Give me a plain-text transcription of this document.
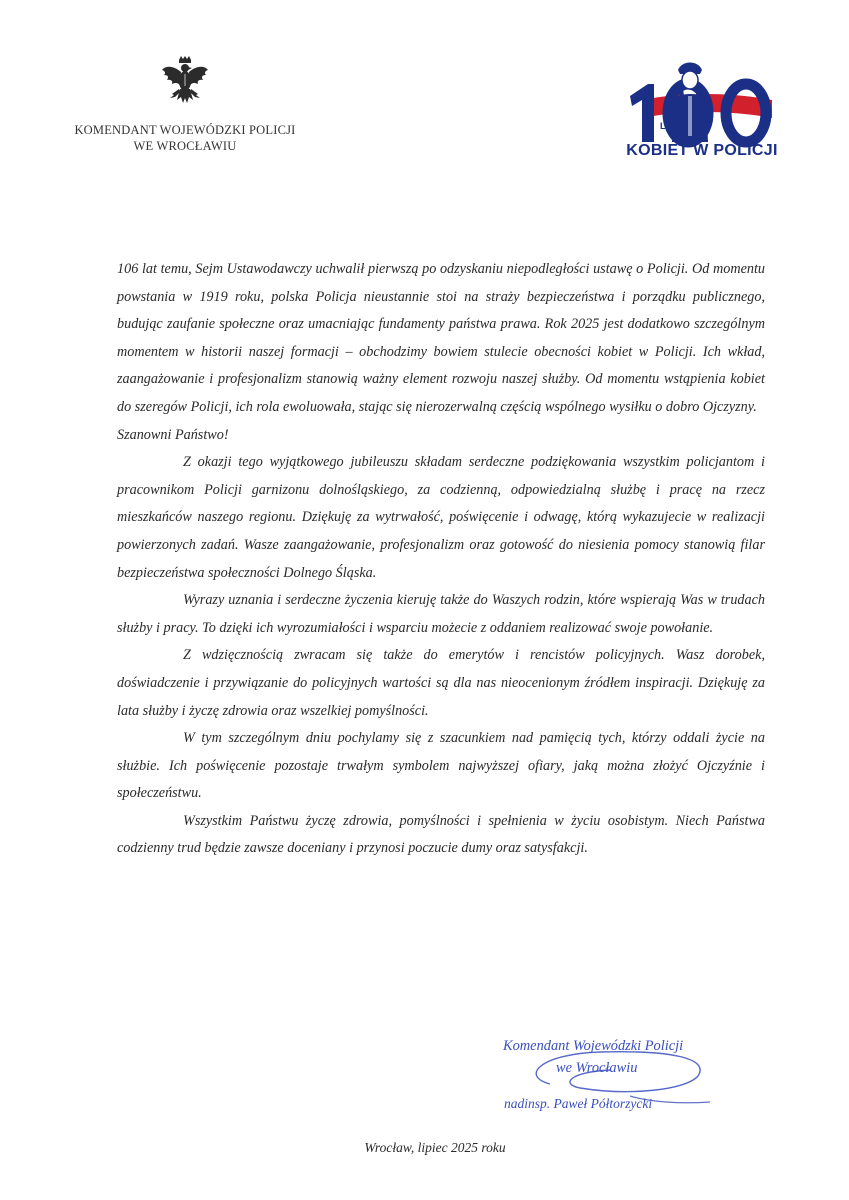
KOMENDANT WOJEWÓDZKI POLICJI
WE WROCŁAWIU
LAT
KOBIET W POLICJI

106 lat temu, Sejm Ustawodawczy uchwalił pierwszą po odzyskaniu niepodległości ustawę o Policji. Od momentu powstania w 1919 roku, polska Policja nieustannie stoi na straży bezpieczeństwa i porządku publicznego, budując zaufanie społeczne oraz umacniając fundamenty państwa prawa. Rok 2025 jest dodatkowo szczególnym momentem w historii naszej formacji – obchodzimy bowiem stulecie obecności kobiet w Policji. Ich wkład, zaangażowanie i profesjonalizm stanowią ważny element rozwoju naszej służby. Od momentu wstąpienia kobiet do szeregów Policji, ich rola ewoluowała, stając się nierozerwalną częścią wspólnego wysiłku o dobro Ojczyzny.

Szanowni Państwo!

Z okazji tego wyjątkowego jubileuszu składam serdeczne podziękowania wszystkim policjantom i pracownikom Policji garnizonu dolnośląskiego, za codzienną, odpowiedzialną służbę i pracę na rzecz mieszkańców naszego regionu. Dziękuję za wytrwałość, poświęcenie i odwagę, którą wykazujecie w realizacji powierzonych zadań. Wasze zaangażowanie, profesjonalizm oraz gotowość do niesienia pomocy stanowią filar bezpieczeństwa społeczności Dolnego Śląska.

Wyrazy uznania i serdeczne życzenia kieruję także do Waszych rodzin, które wspierają Was w trudach służby i pracy. To dzięki ich wyrozumiałości i wsparciu możecie z oddaniem realizować swoje powołanie.

Z wdzięcznością zwracam się także do emerytów i rencistów policyjnych. Wasz dorobek, doświadczenie i przywiązanie do policyjnych wartości są dla nas nieocenionym źródłem inspiracji. Dziękuję za lata służby i życzę zdrowia oraz wszelkiej pomyślności.

W tym szczególnym dniu pochylamy się z szacunkiem nad pamięcią tych, którzy oddali życie na służbie. Ich poświęcenie pozostaje trwałym symbolem najwyższej ofiary, jaką można złożyć Ojczyźnie i społeczeństwu.

Wszystkim Państwu życzę zdrowia, pomyślności i spełnienia w życiu osobistym. Niech Państwa codzienny trud będzie zawsze doceniany i przynosi poczucie dumy oraz satysfakcji.

Komendant Wojewódzki Policji
we Wrocławiu
nadinsp. Paweł Półtorzycki
Wrocław, lipiec 2025 roku
